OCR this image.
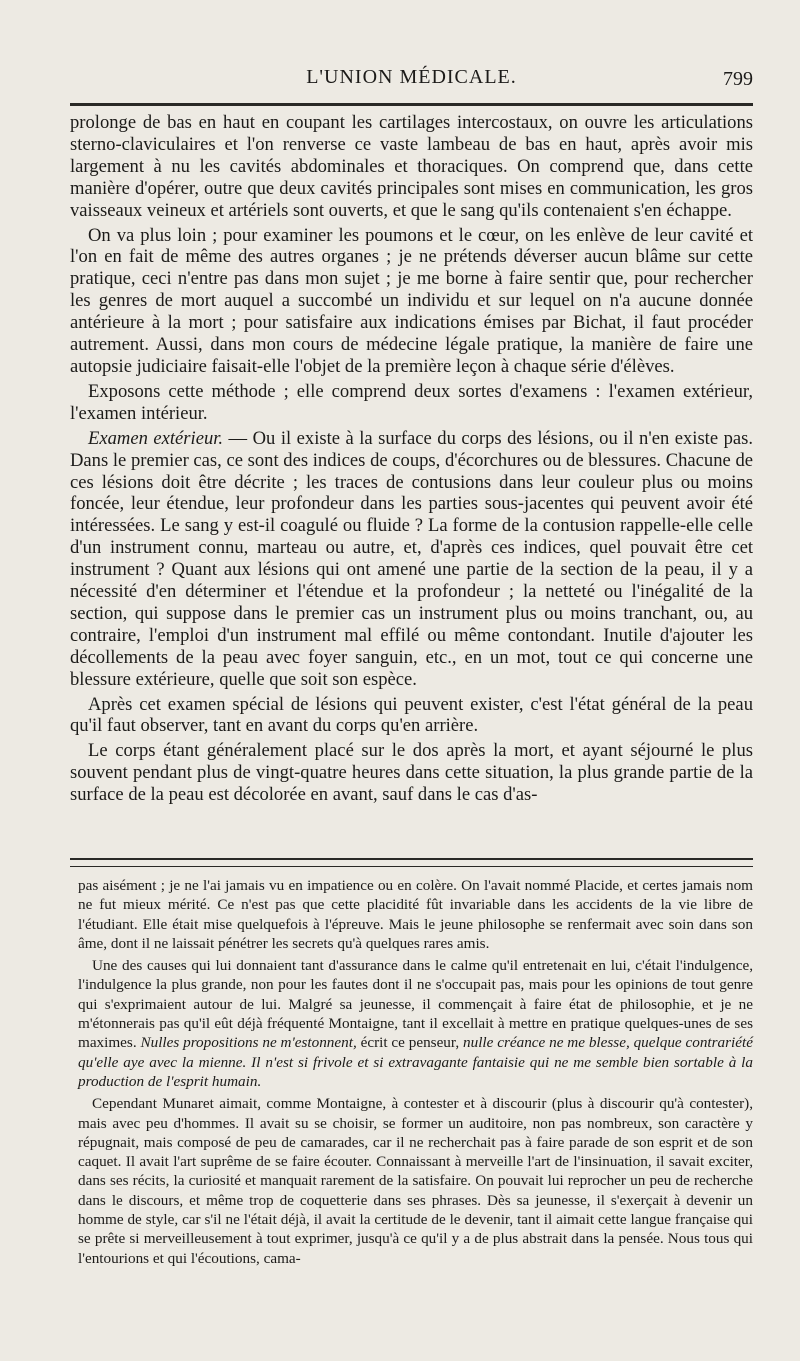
L'UNION MÉDICALE.	799

prolonge de bas en haut en coupant les cartilages intercostaux, on ouvre les articulations sterno-claviculaires et l'on renverse ce vaste lambeau de bas en haut, après avoir mis largement à nu les cavités abdominales et thoraciques. On comprend que, dans cette manière d'opérer, outre que deux cavités principales sont mises en communication, les gros vaisseaux veineux et artériels sont ouverts, et que le sang qu'ils contenaient s'en échappe.

On va plus loin ; pour examiner les poumons et le cœur, on les enlève de leur cavité et l'on en fait de même des autres organes ; je ne prétends déverser aucun blâme sur cette pratique, ceci n'entre pas dans mon sujet ; je me borne à faire sentir que, pour rechercher les genres de mort auquel a succombé un individu et sur lequel on n'a aucune donnée antérieure à la mort ; pour satisfaire aux indications émises par Bichat, il faut procéder autrement. Aussi, dans mon cours de médecine légale pratique, la manière de faire une autopsie judiciaire faisait-elle l'objet de la première leçon à chaque série d'élèves.

Exposons cette méthode ; elle comprend deux sortes d'examens : l'examen extérieur, l'examen intérieur.

Examen extérieur. — Ou il existe à la surface du corps des lésions, ou il n'en existe pas. Dans le premier cas, ce sont des indices de coups, d'écorchures ou de blessures. Chacune de ces lésions doit être décrite ; les traces de contusions dans leur couleur plus ou moins foncée, leur étendue, leur profondeur dans les parties sous-jacentes qui peuvent avoir été intéressées. Le sang y est-il coagulé ou fluide ? La forme de la contusion rappelle-elle celle d'un instrument connu, marteau ou autre, et, d'après ces indices, quel pouvait être cet instrument ? Quant aux lésions qui ont amené une partie de la section de la peau, il y a nécessité d'en déterminer et l'étendue et la profondeur ; la netteté ou l'inégalité de la section, qui suppose dans le premier cas un instrument plus ou moins tranchant, ou, au contraire, l'emploi d'un instrument mal effilé ou même contondant. Inutile d'ajouter les décollements de la peau avec foyer sanguin, etc., en un mot, tout ce qui concerne une blessure extérieure, quelle que soit son espèce.

Après cet examen spécial de lésions qui peuvent exister, c'est l'état général de la peau qu'il faut observer, tant en avant du corps qu'en arrière.

Le corps étant généralement placé sur le dos après la mort, et ayant séjourné le plus souvent pendant plus de vingt-quatre heures dans cette situation, la plus grande partie de la surface de la peau est décolorée en avant, sauf dans le cas d'as-

pas aisément ; je ne l'ai jamais vu en impatience ou en colère. On l'avait nommé Placide, et certes jamais nom ne fut mieux mérité. Ce n'est pas que cette placidité fût invariable dans les accidents de la vie libre de l'étudiant. Elle était mise quelquefois à l'épreuve. Mais le jeune philosophe se renfermait avec soin dans son âme, dont il ne laissait pénétrer les secrets qu'à quelques rares amis.

Une des causes qui lui donnaient tant d'assurance dans le calme qu'il entretenait en lui, c'était l'indulgence, l'indulgence la plus grande, non pour les fautes dont il ne s'occupait pas, mais pour les opinions de tout genre qui s'exprimaient autour de lui. Malgré sa jeunesse, il commençait à faire état de philosophie, et je ne m'étonnerais pas qu'il eût déjà fréquenté Montaigne, tant il excellait à mettre en pratique quelques-unes de ses maximes. Nulles propositions ne m'estonnent, écrit ce penseur, nulle créance ne me blesse, quelque contrariété qu'elle aye avec la mienne. Il n'est si frivole et si extravagante fantaisie qui ne me semble bien sortable à la production de l'esprit humain.

Cependant Munaret aimait, comme Montaigne, à contester et à discourir (plus à discourir qu'à contester), mais avec peu d'hommes. Il avait su se choisir, se former un auditoire, non pas nombreux, son caractère y répugnait, mais composé de peu de camarades, car il ne recherchait pas à faire parade de son esprit et de son caquet. Il avait l'art suprême de se faire écouter. Connaissant à merveille l'art de l'insinuation, il savait exciter, dans ses récits, la curiosité et manquait rarement de la satisfaire. On pouvait lui reprocher un peu de recherche dans le discours, et même trop de coquetterie dans ses phrases. Dès sa jeunesse, il s'exerçait à devenir un homme de style, car s'il ne l'était déjà, il avait la certitude de le devenir, tant il aimait cette langue française qui se prête si merveilleusement à tout exprimer, jusqu'à ce qu'il y a de plus abstrait dans la pensée. Nous tous qui l'entourions et qui l'écoutions, cama-
